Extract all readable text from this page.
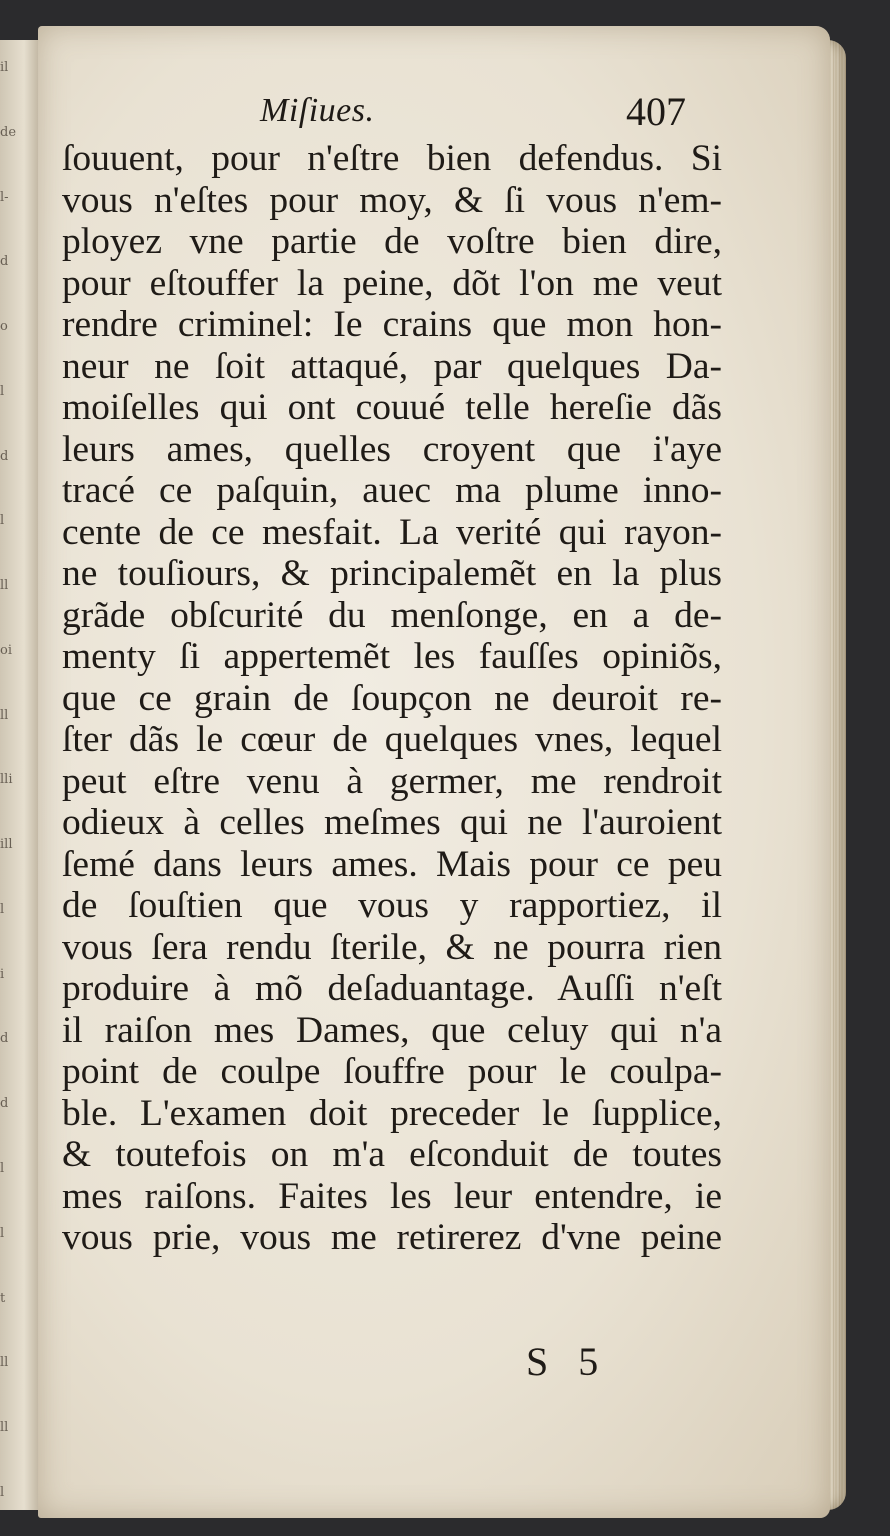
il
de
l-
d
o
l
d
l
ll
oi
ll
lli
ill
l
i
d
d
l
l
t
ll
ll
l
Miſiues.	407
ſouuent, pour n'eſtre bien defendus. Si
vous n'eſtes pour moy, & ſi vous n'em-
ployez vne partie de voſtre bien dire,
pour eſtouffer la peine, dõt l'on me veut
rendre criminel: Ie crains que mon hon-
neur ne ſoit attaqué, par quelques Da-
moiſelles qui ont couué telle hereſie dãs
leurs ames, quelles croyent que i'aye
tracé ce paſquin, auec ma plume inno-
cente de ce mesfait. La verité qui rayon-
ne touſiours, & principalemẽt en la plus
grãde obſcurité du menſonge, en a de-
menty ſi appertemẽt les fauſſes opiniõs,
que ce grain de ſoupçon ne deuroit re-
ſter dãs le cœur de quelques vnes, lequel
peut eſtre venu à germer, me rendroit
odieux à celles meſmes qui ne l'auroient
ſemé dans leurs ames. Mais pour ce peu
de ſouſtien que vous y rapportiez, il
vous ſera rendu ſterile, & ne pourra rien
produire à mõ deſaduantage. Auſſi n'eſt
il raiſon mes Dames, que celuy qui n'a
point de coulpe ſouffre pour le coulpa-
ble. L'examen doit preceder le ſupplice,
& toutefois on m'a eſconduit de toutes
mes raiſons. Faites les leur entendre, ie
vous prie, vous me retirerez d'vne peine
S 5
